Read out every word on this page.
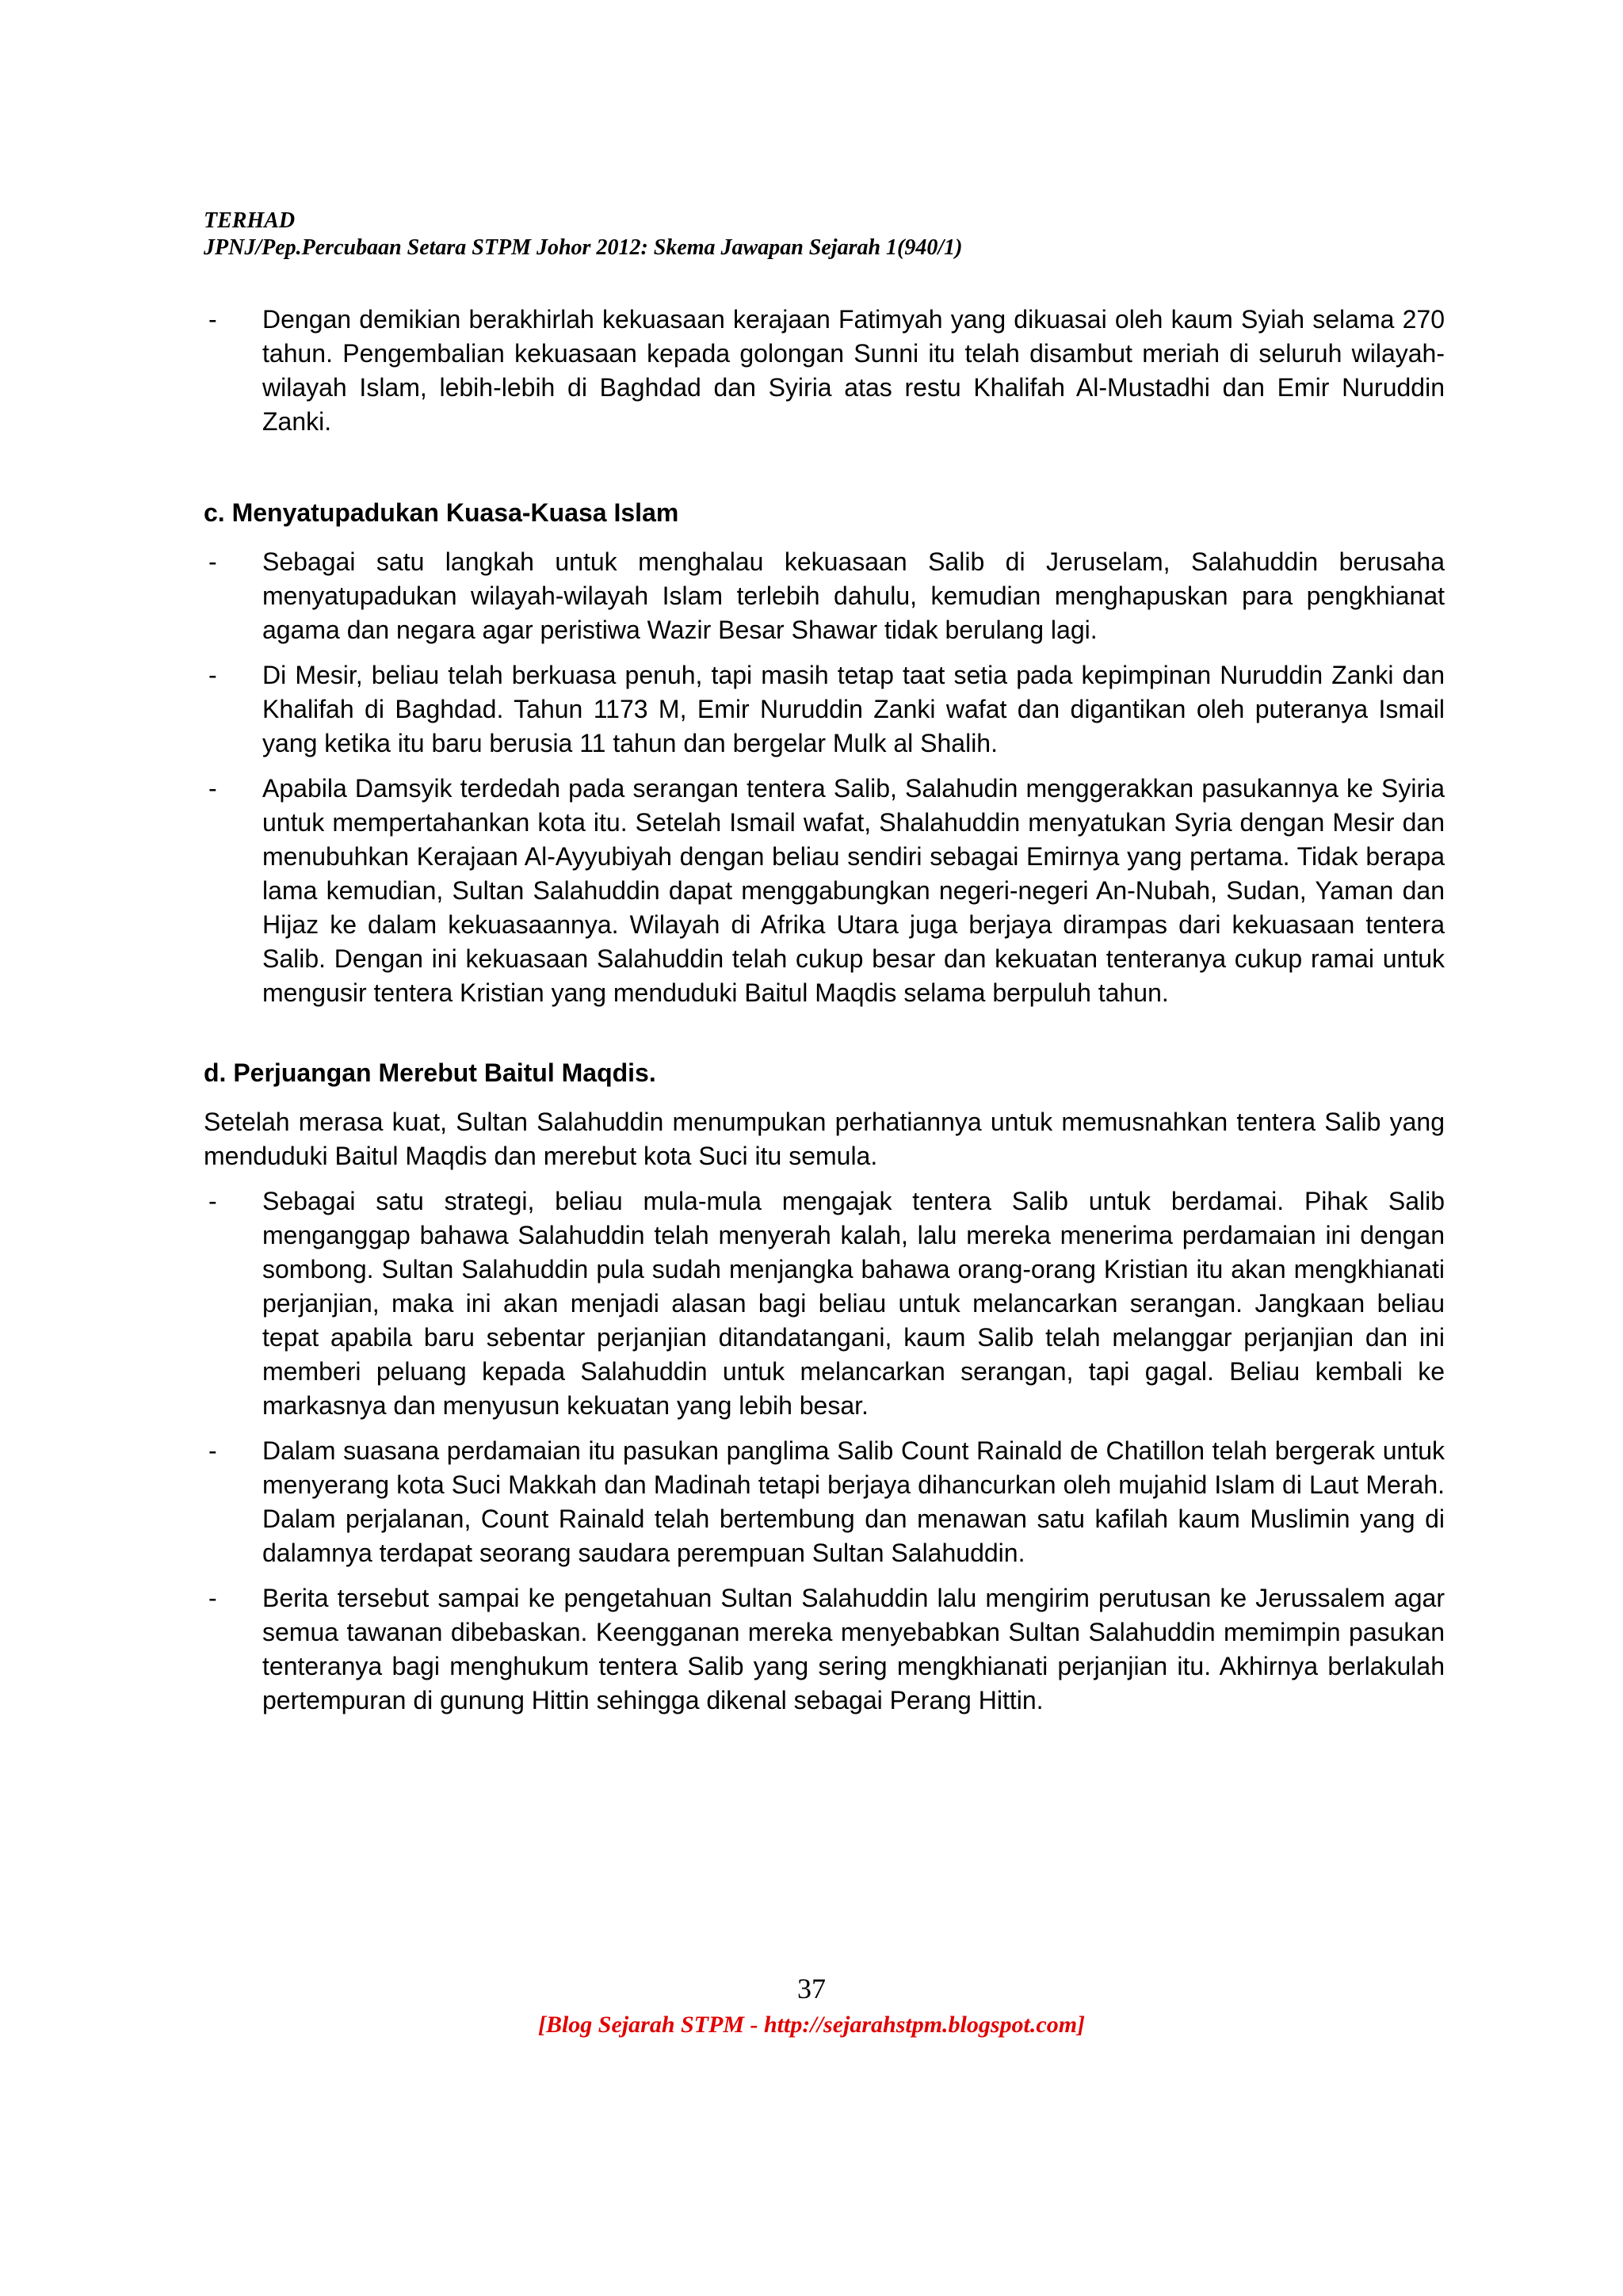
TERHAD
JPNJ/Pep.Percubaan Setara STPM Johor 2012: Skema Jawapan Sejarah 1(940/1)
- Dengan demikian berakhirlah kekuasaan kerajaan Fatimyah yang dikuasai oleh kaum Syiah selama 270 tahun. Pengembalian kekuasaan kepada golongan Sunni itu telah disambut meriah di seluruh wilayah-wilayah Islam, lebih-lebih di Baghdad dan Syiria atas restu Khalifah Al-Mustadhi dan Emir Nuruddin Zanki.
c. Menyatupadukan Kuasa-Kuasa Islam
- Sebagai satu langkah untuk menghalau kekuasaan Salib di Jeruselam, Salahuddin berusaha menyatupadukan wilayah-wilayah Islam terlebih dahulu, kemudian menghapuskan para pengkhianat agama dan negara agar peristiwa Wazir Besar Shawar tidak berulang lagi.
- Di Mesir, beliau telah berkuasa penuh, tapi masih tetap taat setia pada kepimpinan Nuruddin Zanki dan Khalifah di Baghdad. Tahun 1173 M, Emir Nuruddin Zanki wafat dan digantikan oleh puteranya Ismail yang ketika itu baru berusia 11 tahun dan bergelar Mulk al Shalih.
- Apabila Damsyik terdedah pada serangan tentera Salib, Salahudin menggerakkan pasukannya ke Syiria untuk mempertahankan kota itu. Setelah Ismail wafat, Shalahuddin menyatukan Syria dengan Mesir dan menubuhkan Kerajaan Al-Ayyubiyah dengan beliau sendiri sebagai Emirnya yang pertama. Tidak berapa lama kemudian, Sultan Salahuddin dapat menggabungkan negeri-negeri An-Nubah, Sudan, Yaman dan Hijaz ke dalam kekuasaannya. Wilayah di Afrika Utara juga berjaya dirampas dari kekuasaan tentera Salib. Dengan ini kekuasaan Salahuddin telah cukup besar dan kekuatan tenteranya cukup ramai untuk mengusir tentera Kristian yang menduduki Baitul Maqdis selama berpuluh tahun.
d. Perjuangan Merebut Baitul Maqdis.
Setelah merasa kuat, Sultan Salahuddin menumpukan perhatiannya untuk memusnahkan tentera Salib yang menduduki Baitul Maqdis dan merebut kota Suci itu semula.
- Sebagai satu strategi, beliau mula-mula mengajak tentera Salib untuk berdamai. Pihak Salib menganggap bahawa Salahuddin telah menyerah kalah, lalu mereka menerima perdamaian ini dengan sombong. Sultan Salahuddin pula sudah menjangka bahawa orang-orang Kristian itu akan mengkhianati perjanjian, maka ini akan menjadi alasan bagi beliau untuk melancarkan serangan. Jangkaan beliau tepat apabila baru sebentar perjanjian ditandatangani, kaum Salib telah melanggar perjanjian dan ini memberi peluang kepada Salahuddin untuk melancarkan serangan, tapi gagal. Beliau kembali ke markasnya dan menyusun kekuatan yang lebih besar.
- Dalam suasana perdamaian itu pasukan panglima Salib Count Rainald de Chatillon telah bergerak untuk menyerang kota Suci Makkah dan Madinah tetapi berjaya dihancurkan oleh mujahid Islam di Laut Merah. Dalam perjalanan, Count Rainald telah bertembung dan menawan satu kafilah kaum Muslimin yang di dalamnya terdapat seorang saudara perempuan Sultan Salahuddin.
- Berita tersebut sampai ke pengetahuan Sultan Salahuddin lalu mengirim perutusan ke Jerussalem agar semua tawanan dibebaskan. Keengganan mereka menyebabkan Sultan Salahuddin memimpin pasukan tenteranya bagi menghukum tentera Salib yang sering mengkhianati perjanjian itu. Akhirnya berlakulah pertempuran di gunung Hittin sehingga dikenal sebagai Perang Hittin.
37
[Blog Sejarah STPM - http://sejarahstpm.blogspot.com]
